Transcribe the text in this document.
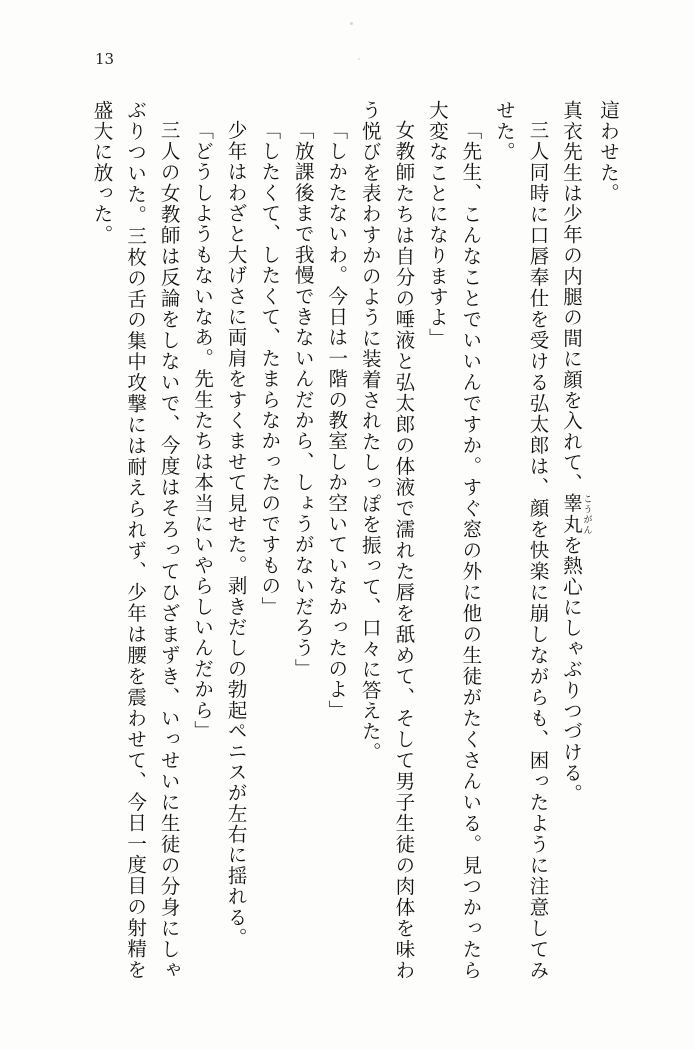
13

這わせた。

真衣先生は少年の内腿の間に顔を入れて、睾丸こうがんを熱心にしゃぶりつづける。

三人同時に口唇奉仕を受ける弘太郎は、顔を快楽に崩しながらも、困ったように注意してみせた。

「先生、こんなことでいいんですか。すぐ窓の外に他の生徒がたくさんいる。見つかったら大変なことになりますよ」

女教師たちは自分の唾液と弘太郎の体液で濡れた唇を舐めて、そして男子生徒の肉体を味わう悦びを表わすかのように装着されたしっぽを振って、口々に答えた。

「しかたないわ。今日は一階の教室しか空いていなかったのよ」

「放課後まで我慢できないんだから、しょうがないだろう」

「したくて、したくて、たまらなかったのですもの」

少年はわざと大げさに両肩をすくませて見せた。剥きだしの勃起ペニスが左右に揺れる。

「どうしようもないなあ。先生たちは本当にいやらしいんだから」

三人の女教師は反論をしないで、今度はそろってひざまずき、いっせいに生徒の分身にしゃぶりついた。三枚の舌の集中攻撃には耐えられず、少年は腰を震わせて、今日一度目の射精を盛大に放った。
